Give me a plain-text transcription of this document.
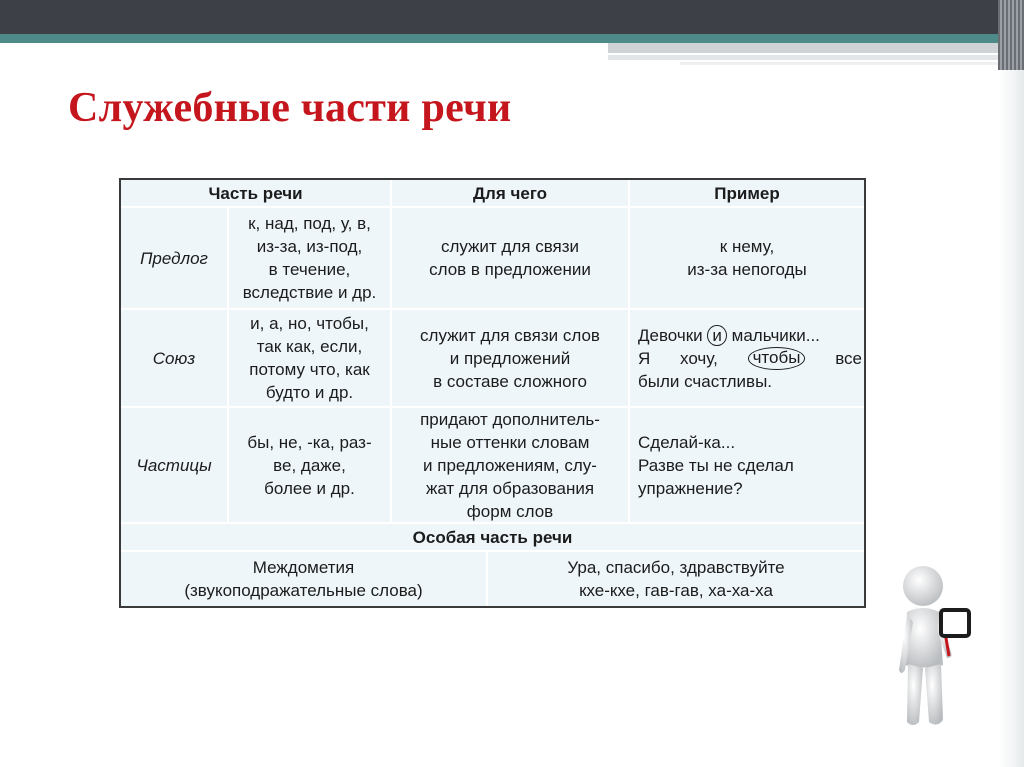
Служебные части речи
Часть речи	Для чего	Пример
Предлог
к, над, под, у, в,
из-за, из-под,
в течение,
вследствие и др.
служит для связи
слов в предложении
к нему,
из-за непогоды
Союз
и, а, но, чтобы,
так как, если,
потому что, как
будто и др.
служит для связи слов
и предложений
в составе сложного
Девочки и мальчики...
Я хочу, чтобы все
были счастливы.
Частицы
бы, не, -ка, раз-
ве, даже,
более и др.
придают дополнитель-
ные оттенки словам
и предложениям, слу-
жат для образования
форм слов
Сделай-ка...
Разве ты не сделал
упражнение?
Особая часть речи
Междометия
(звукоподражательные слова)
Ура, спасибо, здравствуйте
кхе-кхе, гав-гав, ха-ха-ха
